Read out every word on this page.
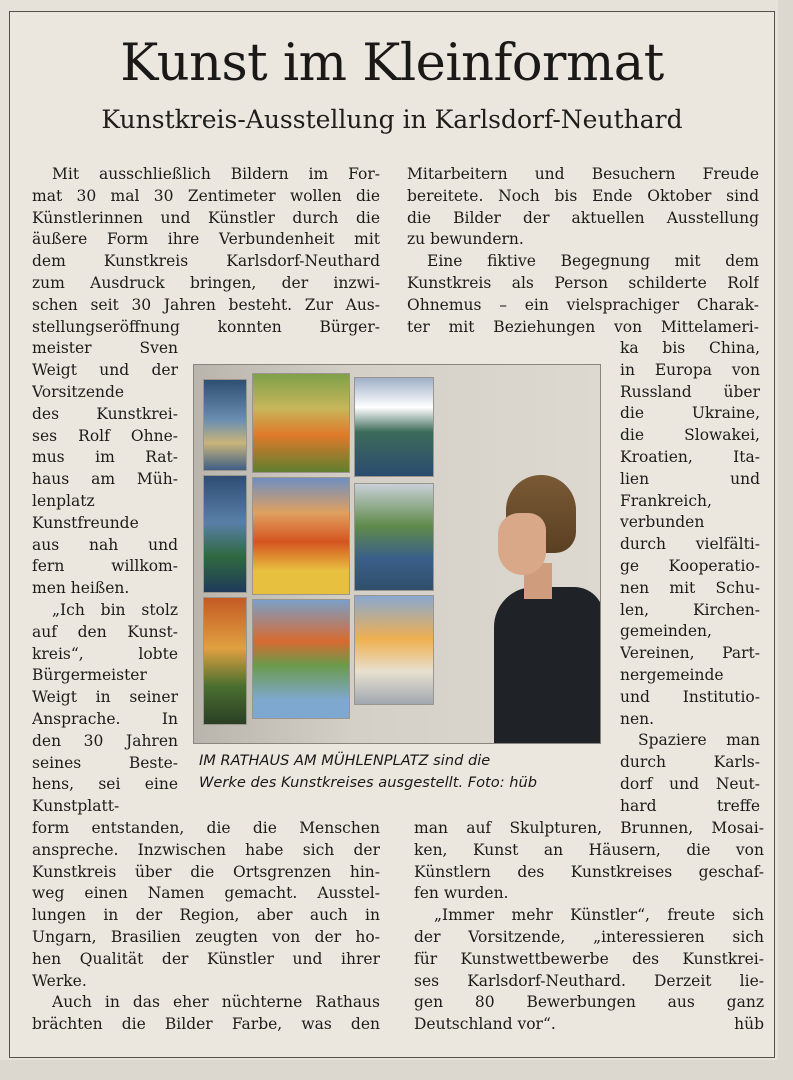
Kunst im Kleinformat
Kunstkreis-Ausstellung in Karlsdorf-Neuthard
IM RATHAUS AM MÜHLENPLATZ sind die
Werke des Kunstkreises ausgestellt. Foto: hüb
Mit ausschließlich Bildern im For-
mat 30 mal 30 Zentimeter wollen die
Künstlerinnen und Künstler durch die
äußere Form ihre Verbundenheit mit
dem Kunstkreis Karlsdorf-Neuthard
zum Ausdruck bringen, der inzwi-
schen seit 30 Jahren besteht. Zur Aus-
stellungseröffnung konnten Bürger-
meister Sven
Weigt und der
Vorsitzende
des Kunstkrei-
ses Rolf Ohne-
mus im Rat-
haus am Müh-
lenplatz
Kunstfreunde
aus nah und
fern willkom-
men heißen.
„Ich bin stolz
auf den Kunst-
kreis“, lobte
Bürgermeister
Weigt in seiner
Ansprache. In
den 30 Jahren
seines Beste-
hens, sei eine
Kunstplatt-
form entstanden, die die Menschen
anspreche. Inzwischen habe sich der
Kunstkreis über die Ortsgrenzen hin-
weg einen Namen gemacht. Ausstel-
lungen in der Region, aber auch in
Ungarn, Brasilien zeugten von der ho-
hen Qualität der Künstler und ihrer
Werke.
Auch in das eher nüchterne Rathaus
brächten die Bilder Farbe, was den
Mitarbeitern und Besuchern Freude
bereitete. Noch bis Ende Oktober sind
die Bilder der aktuellen Ausstellung
zu bewundern.
Eine fiktive Begegnung mit dem
Kunstkreis als Person schilderte Rolf
Ohnemus – ein vielsprachiger Charak-
ter mit Beziehungen von Mittelameri-
ka bis China,
in Europa von
Russland über
die Ukraine,
die Slowakei,
Kroatien, Ita-
lien und
Frankreich,
verbunden
durch vielfälti-
ge Kooperatio-
nen mit Schu-
len, Kirchen-
gemeinden,
Vereinen, Part-
nergemeinde
und Institutio-
nen.
Spaziere man
durch Karls-
dorf und Neut-
hard treffe
man auf Skulpturen, Brunnen, Mosai-
ken, Kunst an Häusern, die von
Künstlern des Kunstkreises geschaf-
fen wurden.
„Immer mehr Künstler“, freute sich
der Vorsitzende, „interessieren sich
für Kunstwettbewerbe des Kunstkrei-
ses Karlsdorf-Neuthard. Derzeit lie-
gen 80 Bewerbungen aus ganz
Deutschland vor“.	hüb
